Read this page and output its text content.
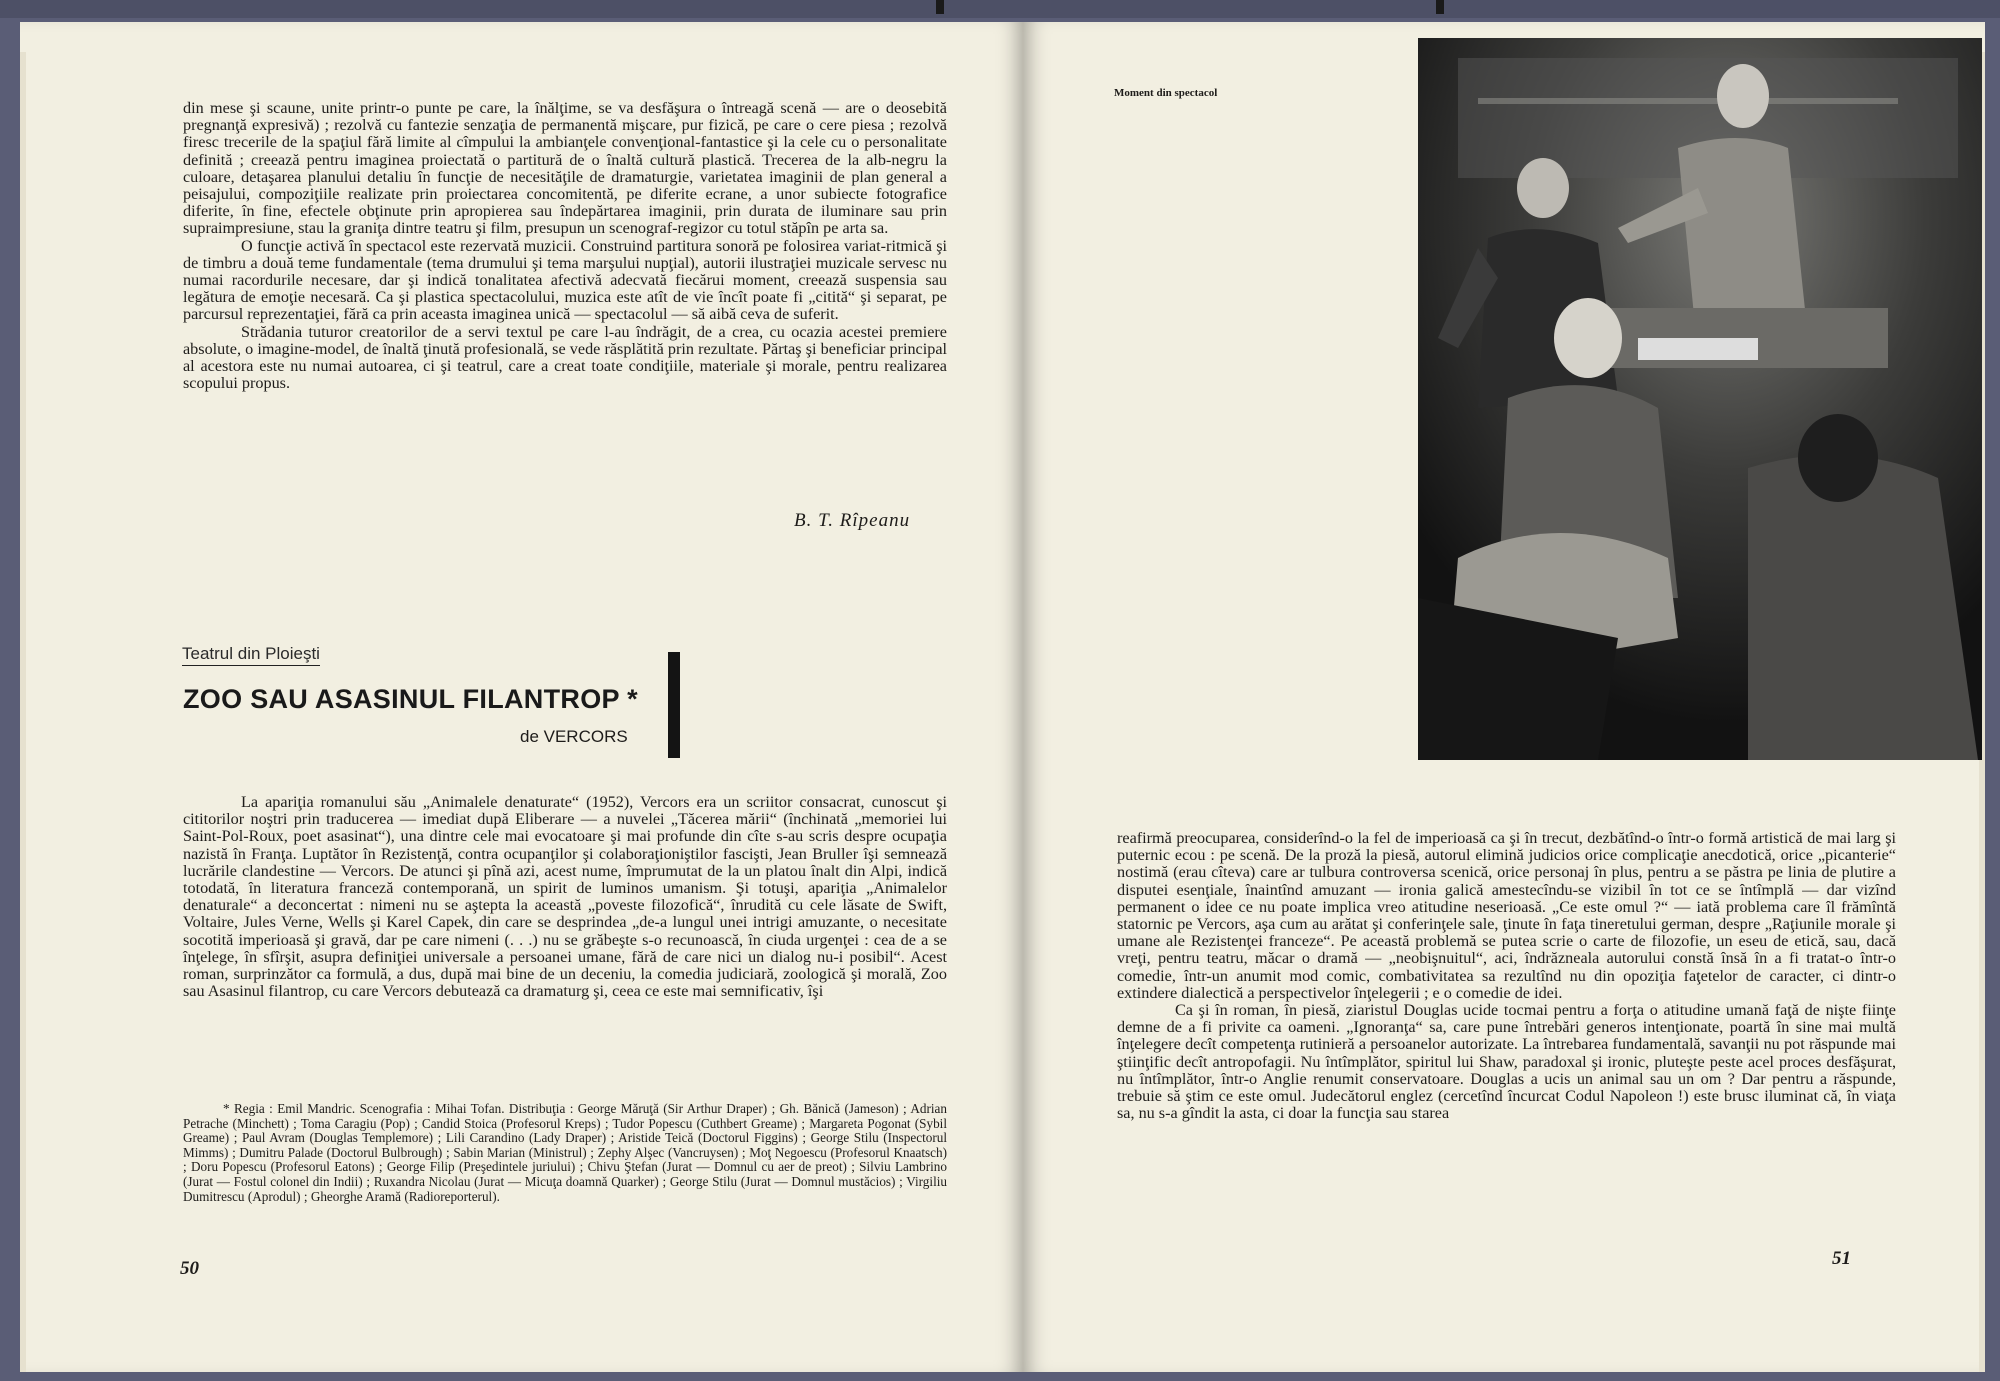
din mese şi scaune, unite printr-o punte pe care, la înălţime, se va desfăşura o întreagă scenă — are o deosebită pregnanţă expresivă) ; rezolvă cu fantezie senzaţia de permanentă mişcare, pur fizică, pe care o cere piesa ; rezolvă firesc trecerile de la spaţiul fără limite al cîmpului la ambianţele convenţional-fantastice şi la cele cu o personalitate definită ; creează pentru imaginea proiectată o partitură de o înaltă cultură plastică. Trecerea de la alb-negru la culoare, detaşarea planului detaliu în funcţie de necesităţile de dramaturgie, varietatea imaginii de plan general a peisajului, compoziţiile realizate prin proiectarea concomitentă, pe diferite ecrane, a unor subiecte fotografice diferite, în fine, efectele obţinute prin apropierea sau îndepărtarea imaginii, prin durata de iluminare sau prin supraimpresiune, stau la graniţa dintre teatru şi film, presupun un scenograf-regizor cu totul stăpîn pe arta sa.

O funcţie activă în spectacol este rezervată muzicii. Construind partitura sonoră pe folosirea variat-ritmică şi de timbru a două teme fundamentale (tema drumului şi tema marşului nupţial), autorii ilustraţiei muzicale servesc nu numai racordurile necesare, dar şi indică tonalitatea afectivă adecvată fiecărui moment, creează suspensia sau legătura de emoţie necesară. Ca şi plastica spectacolului, muzica este atît de vie încît poate fi „citită“ şi separat, pe parcursul reprezentaţiei, fără ca prin aceasta imaginea unică — spectacolul — să aibă ceva de suferit.

Strădania tuturor creatorilor de a servi textul pe care l-au îndrăgit, de a crea, cu ocazia acestei premiere absolute, o imagine-model, de înaltă ţinută profesională, se vede răsplătită prin rezultate. Părtaş şi beneficiar principal al acestora este nu numai autoarea, ci şi teatrul, care a creat toate condiţiile, materiale şi morale, pentru realizarea scopului propus.

B. T. Rîpeanu
Teatrul din Ploieşti
ZOO SAU ASASINUL FILANTROP *
de VERCORS

La apariţia romanului său „Animalele denaturate“ (1952), Vercors era un scriitor consacrat, cunoscut şi cititorilor noştri prin traducerea — imediat după Eliberare — a nuvelei „Tăcerea mării“ (închinată „memoriei lui Saint-Pol-Roux, poet asasinat“), una dintre cele mai evocatoare şi mai profunde din cîte s-au scris despre ocupaţia nazistă în Franţa. Luptător în Rezistenţă, contra ocupanţilor şi colaboraţioniştilor fascişti, Jean Bruller îşi semnează lucrările clandestine — Vercors. De atunci şi pînă azi, acest nume, împrumutat de la un platou înalt din Alpi, indică totodată, în literatura franceză contemporană, un spirit de luminos umanism. Şi totuşi, apariţia „Animalelor denaturale“ a deconcertat : nimeni nu se aştepta la această „poveste filozofică“, înrudită cu cele lăsate de Swift, Voltaire, Jules Verne, Wells şi Karel Capek, din care se desprindea „de-a lungul unei intrigi amuzante, o necesitate socotită imperioasă şi gravă, dar pe care nimeni (. . .) nu se grăbeşte s-o recunoască, în ciuda urgenţei : cea de a se înţelege, în sfîrşit, asupra definiţiei universale a persoanei umane, fără de care nici un dialog nu-i posibil“. Acest roman, surprinzător ca formulă, a dus, după mai bine de un deceniu, la comedia judiciară, zoologică şi morală, Zoo sau Asasinul filantrop, cu care Vercors debutează ca dramaturg şi, ceea ce este mai semnificativ, îşi

* Regia : Emil Mandric. Scenografia : Mihai Tofan. Distribuţia : George Măruţă (Sir Arthur Draper) ; Gh. Bănică (Jameson) ; Adrian Petrache (Minchett) ; Toma Caragiu (Pop) ; Candid Stoica (Profesorul Kreps) ; Tudor Popescu (Cuthbert Greame) ; Margareta Pogonat (Sybil Greame) ; Paul Avram (Douglas Templemore) ; Lili Carandino (Lady Draper) ; Aristide Teică (Doctorul Figgins) ; George Stilu (Inspectorul Mimms) ; Dumitru Palade (Doctorul Bulbrough) ; Sabin Marian (Ministrul) ; Zephy Alşec (Vancruysen) ; Moţ Negoescu (Profesorul Knaatsch) ; Doru Popescu (Profesorul Eatons) ; George Filip (Preşedintele juriului) ; Chivu Ştefan (Jurat — Domnul cu aer de preot) ; Silviu Lambrino (Jurat — Fostul colonel din Indii) ; Ruxandra Nicolau (Jurat — Micuţa doamnă Quarker) ; George Stilu (Jurat — Domnul mustăcios) ; Virgiliu Dumitrescu (Aprodul) ; Gheorghe Aramă (Radioreporterul).

50
Moment din spectacol

reafirmă preocuparea, considerînd-o la fel de imperioasă ca şi în trecut, dezbătînd-o într-o formă artistică de mai larg şi puternic ecou : pe scenă. De la proză la piesă, autorul elimină judicios orice complicaţie anecdotică, orice „picanterie“ nostimă (erau cîteva) care ar tulbura controversa scenică, orice personaj în plus, pentru a se păstra pe linia de plutire a disputei esenţiale, înaintînd amuzant — ironia galică amestecîndu-se vizibil în tot ce se întîmplă — dar vizînd permanent o idee ce nu poate implica vreo atitudine neserioasă. „Ce este omul ?“ — iată problema care îl frămîntă statornic pe Vercors, aşa cum au arătat şi conferinţele sale, ţinute în faţa tineretului german, despre „Raţiunile morale şi umane ale Rezistenţei franceze“. Pe această problemă se putea scrie o carte de filozofie, un eseu de etică, sau, dacă vreţi, pentru teatru, măcar o dramă — „neobişnuitul“, aci, îndrăzneala autorului constă însă în a fi tratat-o într-o comedie, într-un anumit mod comic, combativitatea sa rezultînd nu din opoziţia faţetelor de caracter, ci dintr-o extindere dialectică a perspectivelor înţelegerii ; e o comedie de idei.

Ca şi în roman, în piesă, ziaristul Douglas ucide tocmai pentru a forţa o atitudine umană faţă de nişte fiinţe demne de a fi privite ca oameni. „Ignoranţa“ sa, care pune întrebări generos intenţionate, poartă în sine mai multă înţelegere decît competenţa rutinieră a persoanelor autorizate. La întrebarea fundamentală, savanţii nu pot răspunde mai ştiinţific decît antropofagii. Nu întîmplător, spiritul lui Shaw, paradoxal şi ironic, pluteşte peste acel proces desfăşurat, nu întîmplător, într-o Anglie renumit conservatoare. Douglas a ucis un animal sau un om ? Dar pentru a răspunde, trebuie să ştim ce este omul. Judecătorul englez (cercetînd încurcat Codul Napoleon !) este brusc iluminat că, în viaţa sa, nu s-a gîndit la asta, ci doar la funcţia sau starea

51
